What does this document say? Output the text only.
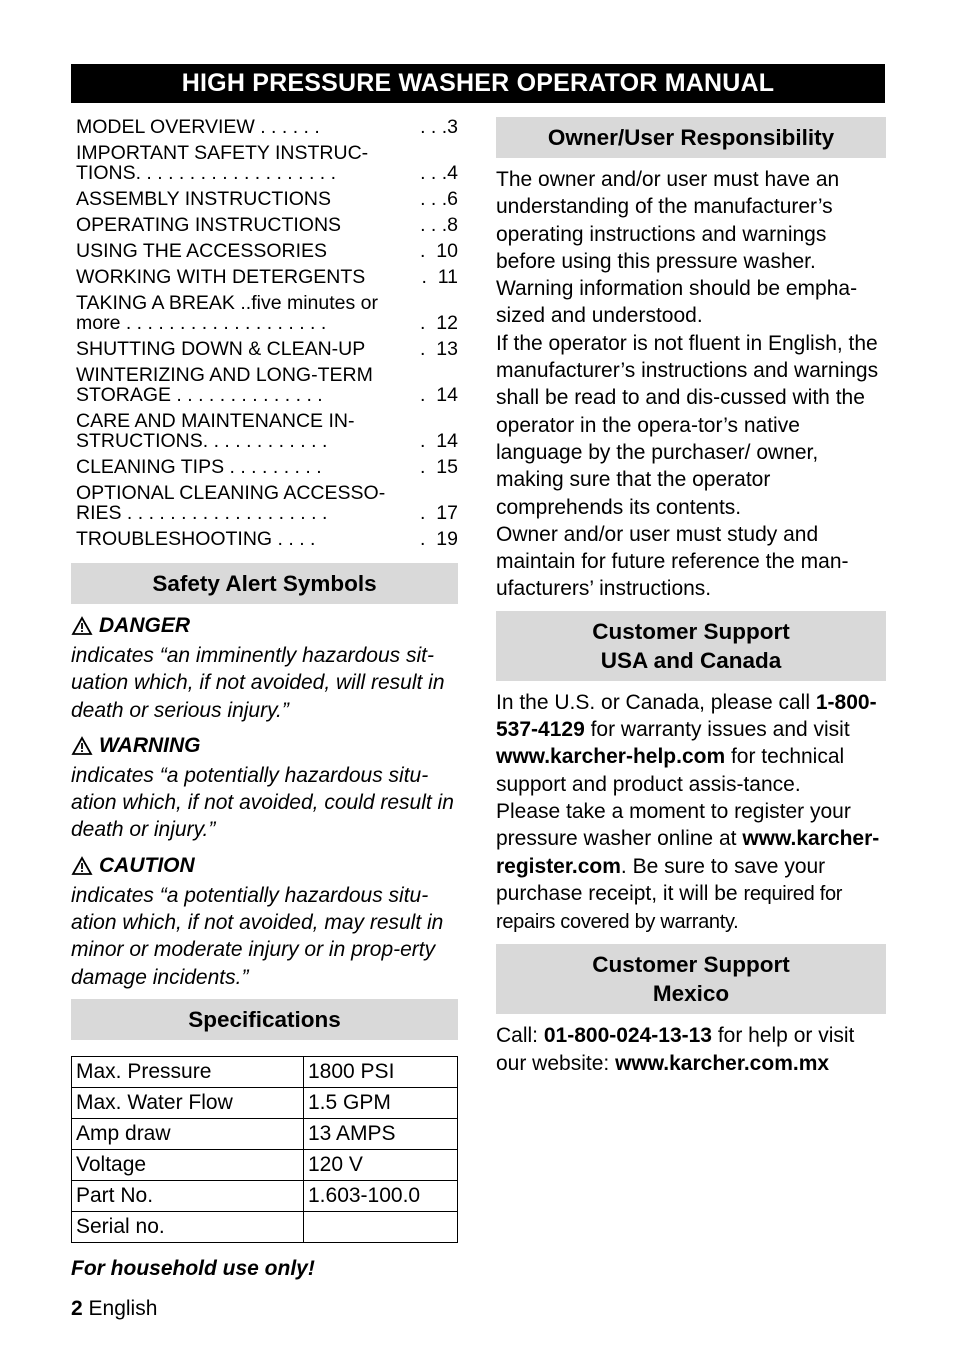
HIGH PRESSURE WASHER OPERATOR MANUAL
MODEL OVERVIEW . . . . . .	. . .3
IMPORTANT SAFETY INSTRUC-
TIONS. . . . . . . . . . . . . . . . . . .	. . .4
ASSEMBLY INSTRUCTIONS	. . .6
OPERATING INSTRUCTIONS	. . .8
USING THE ACCESSORIES	.  10
WORKING WITH DETERGENTS	.  11
TAKING A BREAK ..five minutes or
more . . . . . . . . . . . . . . . . . . .	.  12
SHUTTING DOWN & CLEAN-UP	.  13
WINTERIZING AND LONG-TERM
STORAGE . . . . . . . . . . . . . .	.  14
CARE AND MAINTENANCE IN-
STRUCTIONS. . . . . . . . . . . .	.  14
CLEANING TIPS . . . . . . . . .	.  15
OPTIONAL CLEANING ACCESSO-
RIES . . . . . . . . . . . . . . . . . . .	.  17
TROUBLESHOOTING . . . .	.  19
Safety Alert Symbols
DANGER
indicates “an imminently hazardous sit-uation which, if not avoided, will result in death or serious injury.”
WARNING
indicates “a potentially hazardous situ-ation which, if not avoided, could result in death or injury.”
CAUTION
indicates “a potentially hazardous situ-ation which, if not avoided, may result in minor or moderate injury or in prop-erty damage incidents.”
Specifications
Max. Pressure	1800 PSI
Max. Water Flow	1.5 GPM
Amp draw	13 AMPS
Voltage	120 V
Part No.	1.603-100.0
Serial no.	
For household use only!
2 English
Owner/User Responsibility
The owner and/or user must have an understanding of the manufacturer’s operating instructions and warnings before using this pressure washer. Warning information should be empha-sized and understood.
If the operator is not fluent in English, the manufacturer’s instructions and warnings shall be read to and dis-cussed with the operator in the opera-tor’s native language by the purchaser/ owner, making sure that the operator comprehends its contents.
Owner and/or user must study and maintain for future reference the man-ufacturers’ instructions.
Customer Support
USA and Canada
In the U.S. or Canada, please call 1-800-537-4129 for warranty issues and visit www.karcher-help.com for technical support and product assis-tance.
Please take a moment to register your pressure washer online at www.karcher-register.com. Be sure to save your purchase receipt, it will be required for repairs covered by warranty.
Customer Support
Mexico
Call: 01-800-024-13-13 for help or visit our website: www.karcher.com.mx
